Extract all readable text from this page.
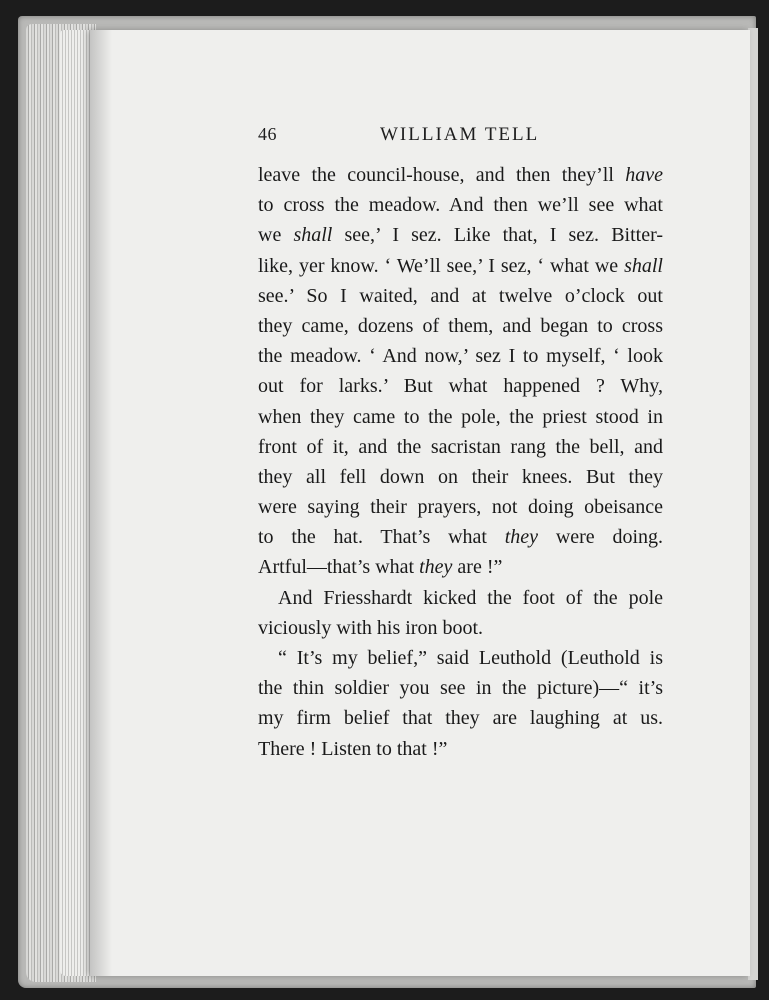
46	WILLIAM TELL
leave the council-house, and then they’ll have
to cross the meadow. And then we’ll see what
we shall see,’ I sez. Like that, I sez. Bitter-
like, yer know. ‘ We’ll see,’ I sez, ‘ what we shall
see.’ So I waited, and at twelve o’clock out
they came, dozens of them, and began to cross
the meadow. ‘ And now,’ sez I to myself, ‘ look
out for larks.’ But what happened ? Why,
when they came to the pole, the priest stood in
front of it, and the sacristan rang the bell, and
they all fell down on their knees. But they
were saying their prayers, not doing obeisance
to the hat. That’s what they were doing.
Artful—that’s what they are !”
And Friesshardt kicked the foot of the pole
viciously with his iron boot.
“ It’s my belief,” said Leuthold (Leuthold is
the thin soldier you see in the picture)—“ it’s
my firm belief that they are laughing at us.
There ! Listen to that !”
